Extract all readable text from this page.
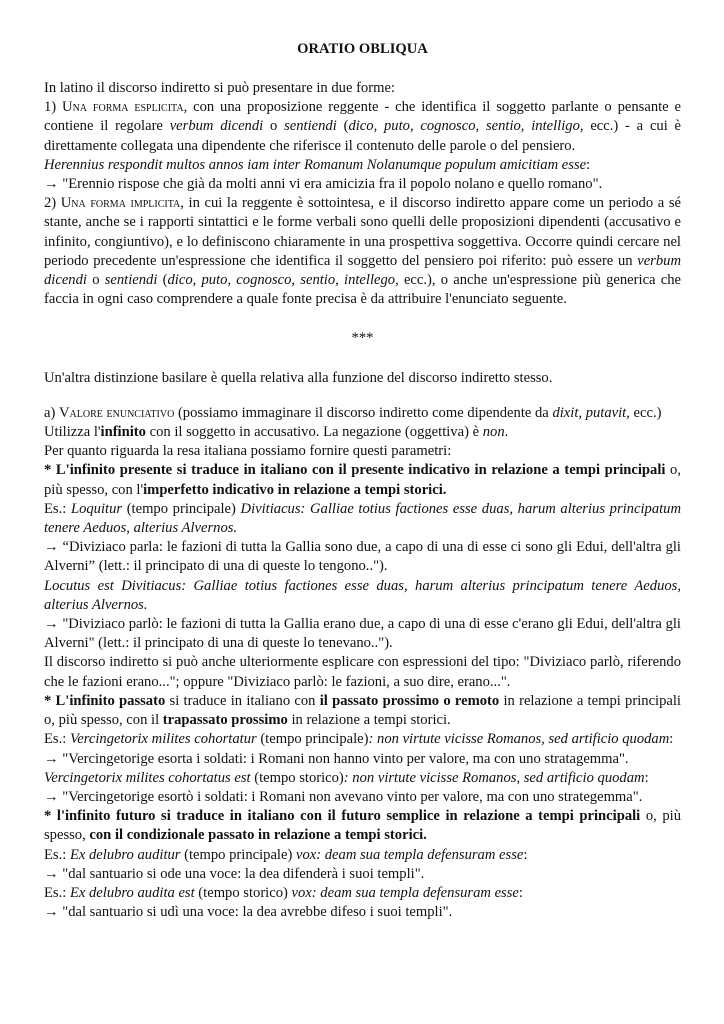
ORATIO OBLIQUA

In latino il discorso indiretto si può presentare in due forme:

1) Una forma esplicita, con una proposizione reggente - che identifica il soggetto parlante o pensante e contiene il regolare verbum dicendi o sentiendi (dico, puto, cognosco, sentio, intelligo, ecc.) - a cui è direttamente collegata una dipendente che riferisce il contenuto delle parole o del pensiero.

Herennius respondit multos annos iam inter Romanum Nolanumque populum amicitiam esse:

→ "Erennio rispose che già da molti anni vi era amicizia fra il popolo nolano e quello romano".

2) Una forma implicita, in cui la reggente è sottointesa, e il discorso indiretto appare come un periodo a sé stante, anche se i rapporti sintattici e le forme verbali sono quelli delle proposizioni dipendenti (accusativo e infinito, congiuntivo), e lo definiscono chiaramente in una prospettiva soggettiva. Occorre quindi cercare nel periodo precedente un'espressione che identifica il soggetto del pensiero poi riferito: può essere un verbum dicendi o sentiendi (dico, puto, cognosco, sentio, intellego, ecc.), o anche un'espressione più generica che faccia in ogni caso comprendere a quale fonte precisa è da attribuire l'enunciato seguente.

***

Un'altra distinzione basilare è quella relativa alla funzione del discorso indiretto stesso.

a) Valore enunciativo (possiamo immaginare il discorso indiretto come dipendente da dixit, putavit, ecc.)

Utilizza l'infinito con il soggetto in accusativo. La negazione (oggettiva) è non.

Per quanto riguarda la resa italiana possiamo fornire questi parametri:

* L'infinito presente si traduce in italiano con il presente indicativo in relazione a tempi principali o, più spesso, con l'imperfetto indicativo in relazione a tempi storici.

Es.: Loquitur (tempo principale) Divitiacus: Galliae totius factiones esse duas, harum alterius principatum tenere Aeduos, alterius Alvernos.

→ “Diviziaco parla: le fazioni di tutta la Gallia sono due, a capo di una di esse ci sono gli Edui, dell'altra gli Alverni” (lett.: il principato di una di queste lo tengono..").

Locutus est Divitiacus: Galliae totius factiones esse duas, harum alterius principatum tenere Aeduos, alterius Alvernos.

→ "Diviziaco parlò: le fazioni di tutta la Gallia erano due, a capo di una di esse c'erano gli Edui, dell'altra gli Alverni" (lett.: il principato di una di queste lo tenevano..").

Il discorso indiretto si può anche ulteriormente esplicare con espressioni del tipo: "Diviziaco parlò, riferendo che le fazioni erano..."; oppure "Diviziaco parlò: le fazioni, a suo dire, erano...".

* L'infinito passato si traduce in italiano con il passato prossimo o remoto in relazione a tempi principali o, più spesso, con il trapassato prossimo in relazione a tempi storici.

Es.: Vercingetorix milites cohortatur (tempo principale): non virtute vicisse Romanos, sed artificio quodam:

→ "Vercingetorige esorta i soldati: i Romani non hanno vinto per valore, ma con uno stratagemma".

Vercingetorix milites cohortatus est (tempo storico): non virtute vicisse Romanos, sed artificio quodam:

→ "Vercingetorige esortò i soldati: i Romani non avevano vinto per valore, ma con uno strategemma".

* l'infinito futuro si traduce in italiano con il futuro semplice in relazione a tempi principali o, più spesso, con il condizionale passato in relazione a tempi storici.

Es.: Ex delubro auditur (tempo principale) vox: deam sua templa defensuram esse:

→ "dal santuario si ode una voce: la dea difenderà i suoi templi".

Es.: Ex delubro audita est (tempo storico) vox: deam sua templa defensuram esse:

→ "dal santuario si udì una voce: la dea avrebbe difeso i suoi templi".
